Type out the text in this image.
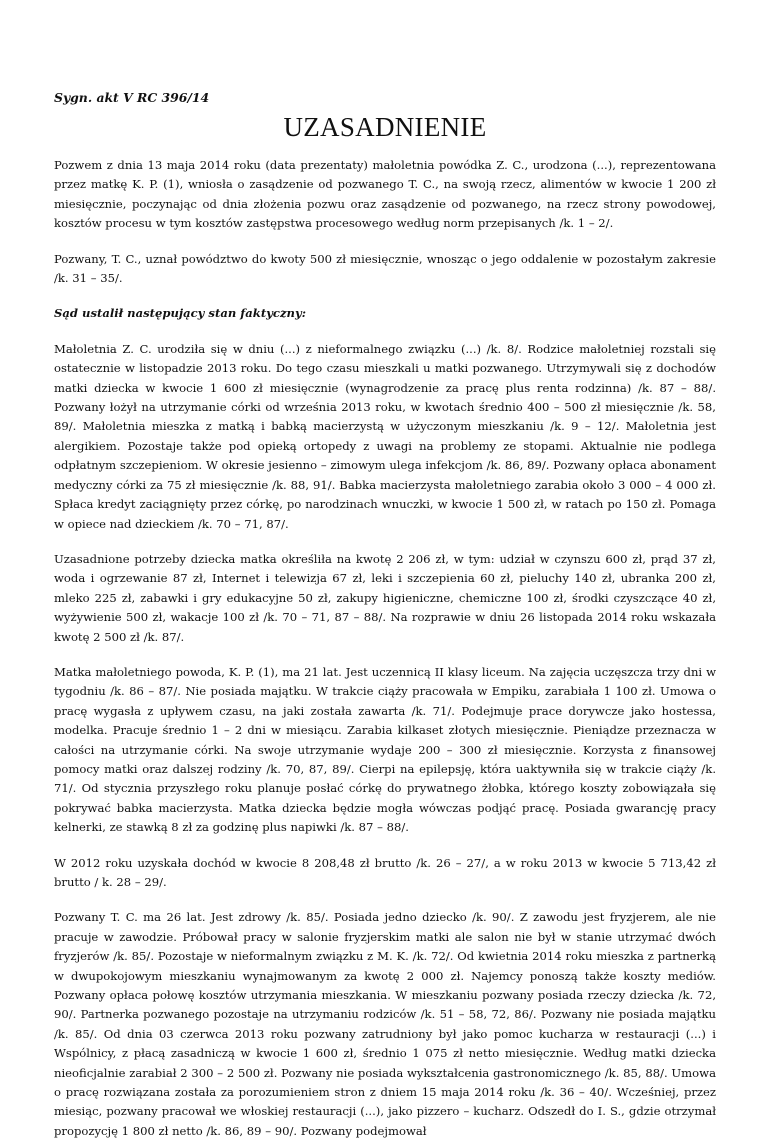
Sygn. akt V RC 396/14
UZASADNIENIE

Pozwem z dnia 13 maja 2014 roku (data prezentaty) małoletnia powódka Z. C., urodzona (...), reprezentowana przez matkę K. P. (1), wniosła o zasądzenie od pozwanego T. C., na swoją rzecz, alimentów w kwocie 1 200 zł miesięcznie, poczynając od dnia złożenia pozwu oraz zasądzenie od pozwanego, na rzecz strony powodowej, kosztów procesu w tym kosztów zastępstwa procesowego według norm przepisanych /k. 1 – 2/.

Pozwany, T. C., uznał powództwo do kwoty 500 zł miesięcznie, wnosząc o jego oddalenie w pozostałym zakresie /k. 31 – 35/.

Sąd ustalił następujący stan faktyczny:

Małoletnia Z. C. urodziła się w dniu (...) z nieformalnego związku (...) /k. 8/. Rodzice małoletniej rozstali się ostatecznie w listopadzie 2013 roku. Do tego czasu mieszkali u matki pozwanego. Utrzymywali się z dochodów matki dziecka w kwocie 1 600 zł miesięcznie (wynagrodzenie za pracę plus renta rodzinna) /k. 87 – 88/. Pozwany łożył na utrzymanie córki od września 2013 roku, w kwotach średnio 400 – 500 zł miesięcznie /k. 58, 89/. Małoletnia mieszka z matką i babką macierzystą w użyczonym mieszkaniu /k. 9 – 12/. Małoletnia jest alergikiem. Pozostaje także pod opieką ortopedy z uwagi na problemy ze stopami. Aktualnie nie podlega odpłatnym szczepieniom. W okresie jesienno – zimowym ulega infekcjom /k. 86, 89/. Pozwany opłaca abonament medyczny córki za 75 zł miesięcznie /k. 88, 91/. Babka macierzysta małoletniego zarabia około 3 000 – 4 000 zł. Spłaca kredyt zaciągnięty przez córkę, po narodzinach wnuczki, w kwocie 1 500 zł, w ratach po 150 zł. Pomaga w opiece nad dzieckiem /k. 70 – 71, 87/.

Uzasadnione potrzeby dziecka matka określiła na kwotę 2 206 zł, w tym: udział w czynszu 600 zł, prąd 37 zł, woda i ogrzewanie 87 zł, Internet i telewizja 67 zł, leki i szczepienia 60 zł, pieluchy 140 zł, ubranka 200 zł, mleko 225 zł, zabawki i gry edukacyjne 50 zł, zakupy higieniczne, chemiczne 100 zł, środki czyszczące 40 zł, wyżywienie 500 zł, wakacje 100 zł /k. 70 – 71, 87 – 88/. Na rozprawie w dniu 26 listopada 2014 roku wskazała kwotę 2 500 zł /k. 87/.

Matka małoletniego powoda, K. P. (1), ma 21 lat. Jest uczennicą II klasy liceum. Na zajęcia uczęszcza trzy dni w tygodniu /k. 86 – 87/. Nie posiada majątku. W trakcie ciąży pracowała w Empiku, zarabiała 1 100 zł. Umowa o pracę wygasła z upływem czasu, na jaki została zawarta /k. 71/. Podejmuje prace dorywcze jako hostessa, modelka. Pracuje średnio 1 – 2 dni w miesiącu. Zarabia kilkaset złotych miesięcznie. Pieniądze przeznacza w całości na utrzymanie córki. Na swoje utrzymanie wydaje 200 – 300 zł miesięcznie. Korzysta z finansowej pomocy matki oraz dalszej rodziny /k. 70, 87, 89/. Cierpi na epilepsję, która uaktywniła się w trakcie ciąży /k. 71/. Od stycznia przyszłego roku planuje posłać córkę do prywatnego żłobka, którego koszty zobowiązała się pokrywać babka macierzysta. Matka dziecka będzie mogła wówczas podjąć pracę. Posiada gwarancję pracy kelnerki, ze stawką 8 zł za godzinę plus napiwki /k. 87 – 88/.

W 2012 roku uzyskała dochód w kwocie 8 208,48 zł brutto /k. 26 – 27/, a w roku 2013 w kwocie 5 713,42 zł brutto / k. 28 – 29/.

Pozwany T. C. ma 26 lat. Jest zdrowy /k. 85/. Posiada jedno dziecko /k. 90/. Z zawodu jest fryzjerem, ale nie pracuje w zawodzie. Próbował pracy w salonie fryzjerskim matki ale salon nie był w stanie utrzymać dwóch fryzjerów /k. 85/. Pozostaje w nieformalnym związku z M. K. /k. 72/. Od kwietnia 2014 roku mieszka z partnerką w dwupokojowym mieszkaniu wynajmowanym za kwotę 2 000 zł. Najemcy ponoszą także koszty mediów. Pozwany opłaca połowę kosztów utrzymania mieszkania. W mieszkaniu pozwany posiada rzeczy dziecka /k. 72, 90/. Partnerka pozwanego pozostaje na utrzymaniu rodziców /k. 51 – 58, 72, 86/. Pozwany nie posiada majątku /k. 85/. Od dnia 03 czerwca 2013 roku pozwany zatrudniony był jako pomoc kucharza w restauracji (...) i Wspólnicy, z płacą zasadniczą w kwocie 1 600 zł, średnio 1 075 zł netto miesięcznie. Według matki dziecka nieoficjalnie zarabiał 2 300 – 2 500 zł. Pozwany nie posiada wykształcenia gastronomicznego /k. 85, 88/. Umowa o pracę rozwiązana została za porozumieniem stron z dniem 15 maja 2014 roku /k. 36 – 40/. Wcześniej, przez miesiąc, pozwany pracował we włoskiej restauracji (...), jako pizzero – kucharz. Odszedł do I. S., gdzie otrzymał propozycję 1 800 zł netto /k. 86, 89 – 90/. Pozwany podejmował
